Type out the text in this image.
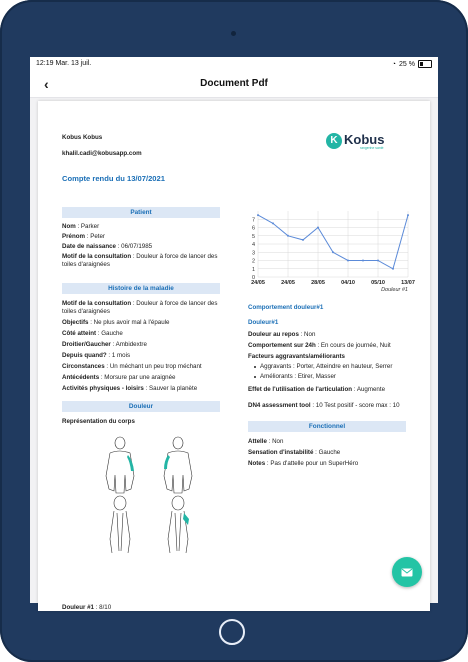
12:19 Mar. 13 juil.	◔ 25 %
‹	Document Pdf
Kobus Kobus
khalil.cadi@kobusapp.com
Compte rendu du 13/07/2021
K Kobus
rangerine santé
Patient
Nom : Parker
Prénom : Peter
Date de naissance : 06/07/1985
Motif de la consultation : Douleur à force de lancer des
toiles d'araignées
Histoire de la maladie
Motif de la consultation : Douleur à force de lancer des
toiles d'araignées
Objectifs : Ne plus avoir mal à l'épaule
Côté atteint : Gauche
Droitier/Gaucher : Ambidextre
Depuis quand? : 1 mois
Circonstances : Un méchant un peu trop méchant
Antécédents : Morsure par une araignée
Activités physiques - loisirs : Sauver la planète
Douleur
Représentation du corps
Douleur #1 : 8/10
0
1
2
3
4
5
6
7
24/05	24/05	28/05	04/10	05/10	13/07
Douleur #1
Comportement douleur#1
Douleur#1
Douleur au repos : Non
Comportement sur 24h : En cours de journée, Nuit
Facteurs aggravants/améliorants
Aggravants : Porter, Atteindre en hauteur, Serrer
Améliorants : Etirer, Masser
Effet de l'utilisation de l'articulation : Augmente
DN4 assessment tool : 10 Test positif - score max : 10
Fonctionnel
Attelle : Non
Sensation d'instabilité : Gauche
Notes : Pas d'attelle pour un SuperHéro
